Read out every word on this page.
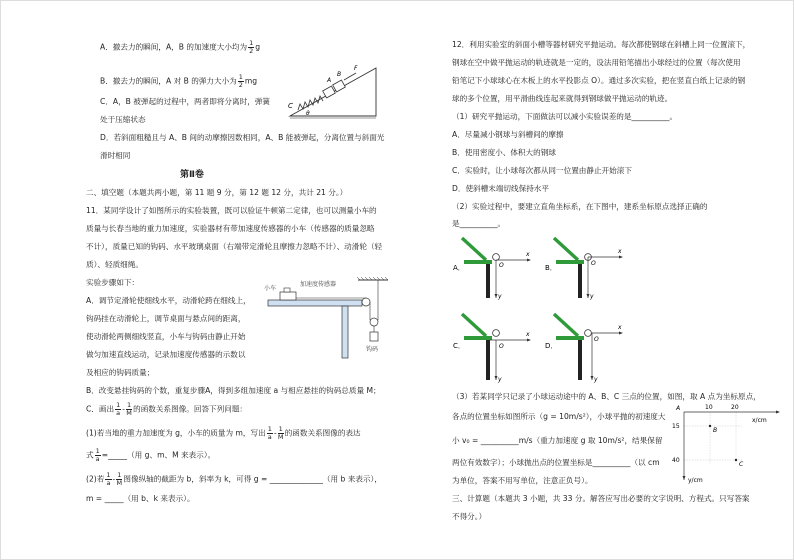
A．撤去力的瞬间，A，B 的加速度大小均为 $\frac{1}{2}$ g
B．撤去力的瞬间，A 对 B 的弹力大小为 $\frac{1}{2}$ mg
C．A，B 被弹起的过程中，两者即将分离时，弹簧
处于压缩状态
D．若斜面粗糙且与 A、B 间的动摩擦因数相同，A、B 能被弹起，分离位置与斜面光
滑时相同
C
A
B
F
θ
第Ⅱ卷
二、填空题（本题共两小题，第 11 题 9 分，第 12 题 12 分，共计 21 分。）
11．某同学设计了如图所示的实验装置，既可以验证牛顿第二定律，也可以测量小车的
质量与长春当地的重力加速度，实验器材有带加速度传感器的小车（传感器的质量忽略
不计），质量已知的钩码、水平玻璃桌面（右端带定滑轮且摩擦力忽略不计）、动滑轮（轻
质）、轻质细绳。
实验步骤如下：
A．调节定滑轮使细线水平，动滑轮跨在细线上，
钩码挂在动滑轮上，调节桌面与悬点间的距离，
使动滑轮两侧细线竖直，小车与钩码由静止开始
做匀加速直线运动，记录加速度传感器的示数以
及相应的钩码质量；
B．改变悬挂钩码的个数，重复步骤A，得到多组加速度 a 与相应悬挂的钩码总质量 M；
C．画出 $\frac{1}{a} - \frac{1}{M}$ 的函数关系图像。回答下列问题：
(1)若当地的重力加速度为 g，小车的质量为 m，写出 $\frac{1}{a} - \frac{1}{M}$ 的函数关系图像的表达
式 $\frac{1}{a}$ =_____（用 g、m、M 来表示）。
(2)若 $\frac{1}{a} - \frac{1}{M}$ 图像纵轴的截距为 b，斜率为 k，可得 g = ______________（用 b 来表示），
m = _____（用 b、k 来表示）。
加速度传感器
小车
钩码
12．利用实验室的斜面小槽等器材研究平抛运动。每次都使钢球在斜槽上同一位置滚下，
钢球在空中做平抛运动的轨迹就是一定的，设法用铅笔描出小球经过的位置（每次使用
铅笔记下小球球心在木板上的水平投影点 O）。通过多次实验，把在竖直白纸上记录的钢
球的多个位置，用平滑曲线连起来就得到钢球做平抛运动的轨迹。
（1）研究平抛运动，下面做法可以减小实验误差的是__________。
A．尽量减小钢球与斜槽间的摩擦
B．使用密度小、体积大的钢球
C．实验时，让小球每次都从同一位置由静止开始滚下
D．使斜槽末端切线保持水平
（2）实验过程中，要建立直角坐标系，在下图中，建系坐标原点选择正确的
是__________。
A．	O
x
y
B．
O
x
y
C．	O
x
y
D．
O
x
y
（3）若某同学只记录了小球运动途中的 A、B、C 三点的位置，如图，取 A 点为坐标原点，
各点的位置坐标如图所示（g = 10m/s²），小球平抛的初速度大
小 v₀ = __________m/s（重力加速度 g 取 10m/s²，结果保留
两位有效数字）；小球抛出点的位置坐标是__________（以 cm
为单位，答案不用写单位，注意正负号）。
三、计算题（本题共 3 小题，共 33 分。解答应写出必要的文字说明、方程式。只写答案
不得分。）
A
B
C
10	20
15
40
x/cm
y/cm
